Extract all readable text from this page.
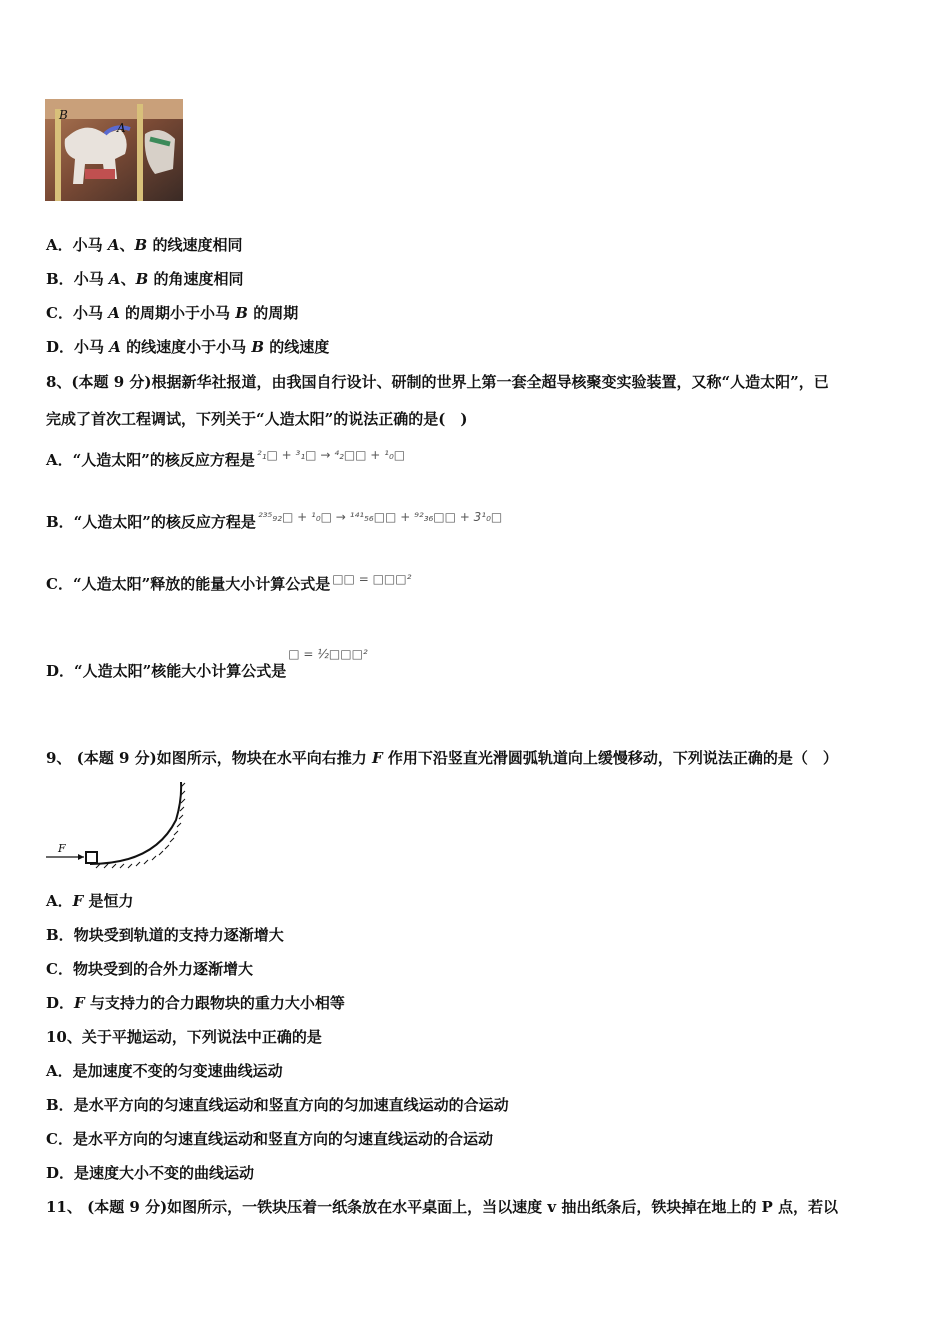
B
A
A．小马 A、B 的线速度相同
B．小马 A、B 的角速度相同
C．小马 A 的周期小于小马 B 的周期
D．小马 A 的线速度小于小马 B 的线速度
8、(本题 9 分)根据新华社报道，由我国自行设计、研制的世界上第一套全超导核聚变实验装置，又称“人造太阳”，已
完成了首次工程调试，下列关于“人造太阳”的说法正确的是(　)
A．“人造太阳”的核反应方程是 ²₁□ + ³₁□ → ⁴₂□□ + ¹₀□
B．“人造太阳”的核反应方程是 ²³⁵₉₂□ + ¹₀□ → ¹⁴¹₅₆□□ + ⁹²₃₆□□ + 3¹₀□
C．“人造太阳”释放的能量大小计算公式是 □□ = □□□²
D．“人造太阳”核能大小计算公式是□ = ½□□□²
9、 (本题 9 分)如图所示，物块在水平向右推力 F 作用下沿竖直光滑圆弧轨道向上缓慢移动，下列说法正确的是（　）
F
A．F 是恒力
B．物块受到轨道的支持力逐渐增大
C．物块受到的合外力逐渐增大
D．F 与支持力的合力跟物块的重力大小相等
10、关于平抛运动，下列说法中正确的是
A．是加速度不变的匀变速曲线运动
B．是水平方向的匀速直线运动和竖直方向的匀加速直线运动的合运动
C．是水平方向的匀速直线运动和竖直方向的匀速直线运动的合运动
D．是速度大小不变的曲线运动
11、 (本题 9 分)如图所示，一铁块压着一纸条放在水平桌面上，当以速度 v 抽出纸条后，铁块掉在地上的 P 点，若以
